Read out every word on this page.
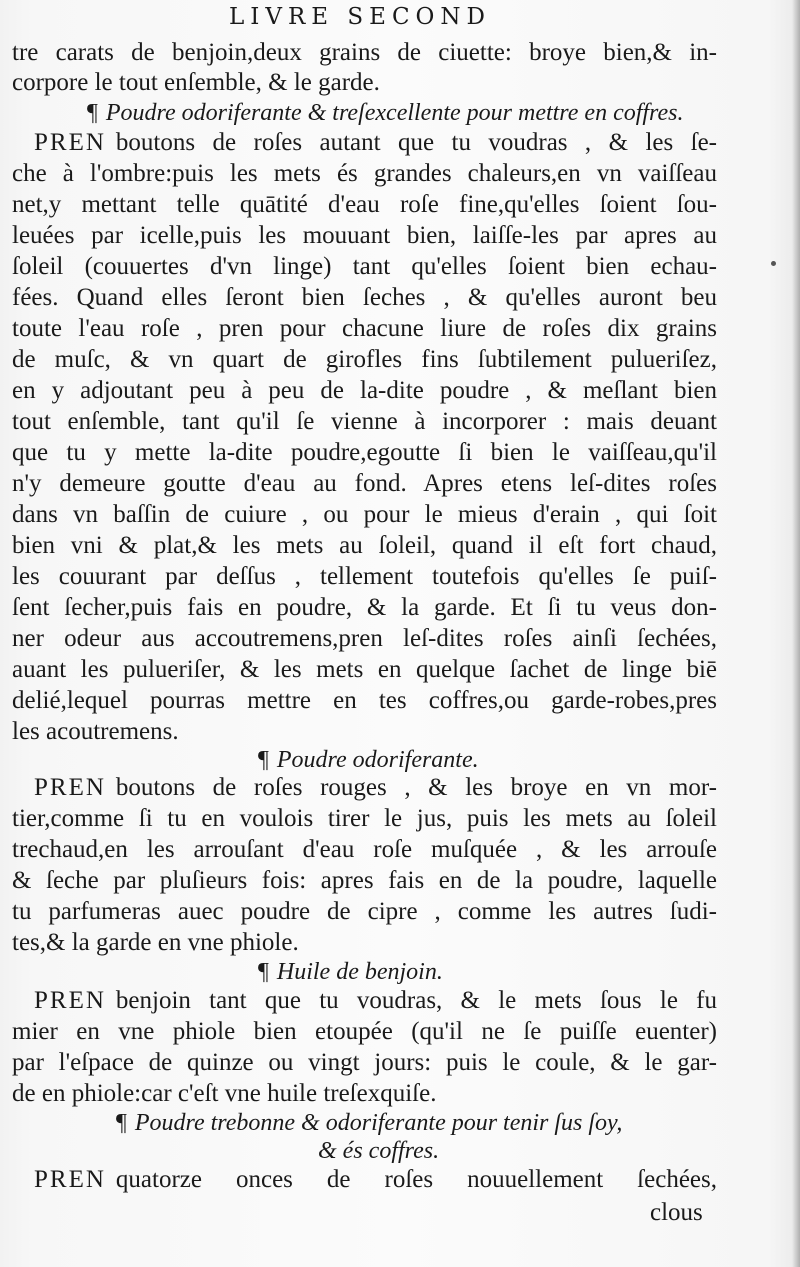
LIVRE SECOND
tre carats de benjoin,deux grains de ciuette: broye bien,& in-
corpore le tout enſemble, & le garde.
¶ Poudre odoriferante & treſexcellente pour mettre en coffres.
PREN boutons de roſes autant que tu voudras , & les ſe-
che à l'ombre:puis les mets és grandes chaleurs,en vn vaiſſeau
net,y mettant telle quātité d'eau roſe fine,qu'elles ſoient ſou-
leuées par icelle,puis les mouuant bien, laiſſe-les par apres au
ſoleil (couuertes d'vn linge) tant qu'elles ſoient bien echau-
fées. Quand elles ſeront bien ſeches , & qu'elles auront beu
toute l'eau roſe , pren pour chacune liure de roſes dix grains
de muſc, & vn quart de girofles fins ſubtilement pulueriſez,
en y adjoutant peu à peu de la-dite poudre , & meſlant bien
tout enſemble, tant qu'il ſe vienne à incorporer : mais deuant
que tu y mette la-dite poudre,egoutte ſi bien le vaiſſeau,qu'il
n'y demeure goutte d'eau au fond. Apres etens leſ-dites roſes
dans vn baſſin de cuiure , ou pour le mieus d'erain , qui ſoit
bien vni & plat,& les mets au ſoleil, quand il eſt fort chaud,
les couurant par deſſus , tellement toutefois qu'elles ſe puiſ-
ſent ſecher,puis fais en poudre, & la garde. Et ſi tu veus don-
ner odeur aus accoutremens,pren leſ-dites roſes ainſi ſechées,
auant les pulueriſer, & les mets en quelque ſachet de linge biē
delié,lequel pourras mettre en tes coffres,ou garde-robes,pres
les acoutremens.
¶ Poudre odoriferante.
PREN boutons de roſes rouges , & les broye en vn mor-
tier,comme ſi tu en voulois tirer le jus, puis les mets au ſoleil
trechaud,en les arrouſant d'eau roſe muſquée , & les arrouſe
& ſeche par pluſieurs fois: apres fais en de la poudre, laquelle
tu parfumeras auec poudre de cipre , comme les autres ſudi-
tes,& la garde en vne phiole.
¶ Huile de benjoin.
PREN benjoin tant que tu voudras, & le mets ſous le fu
mier en vne phiole bien etoupée (qu'il ne ſe puiſſe euenter)
par l'eſpace de quinze ou vingt jours: puis le coule, & le gar-
de en phiole:car c'eſt vne huile treſexquiſe.
¶ Poudre trebonne & odoriferante pour tenir ſus ſoy,
& és coffres.
PREN quatorze onces de roſes nouuellement ſechées,
clous
